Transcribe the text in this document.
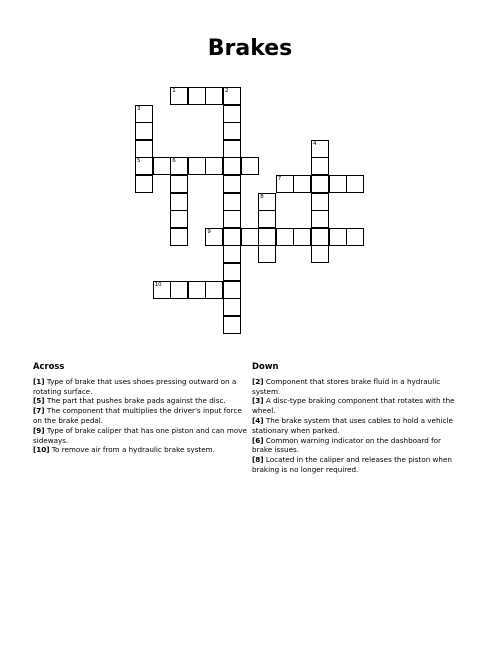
Brakes
1	2
3
5
4
6
7
8
9
10
Across
[1] Type of brake that uses shoes pressing outward on a rotating surface.
[5] The part that pushes brake pads against the disc.
[7] The component that multiplies the driver's input force on the brake pedal.
[9] Type of brake caliper that has one piston and can move sideways.
[10] To remove air from a hydraulic brake system.
Down
[2] Component that stores brake fluid in a hydraulic system.
[3] A disc-type braking component that rotates with the wheel.
[4] The brake system that uses cables to hold a vehicle stationary when parked.
[6] Common warning indicator on the dashboard for brake issues.
[8] Located in the caliper and releases the piston when braking is no longer required.
